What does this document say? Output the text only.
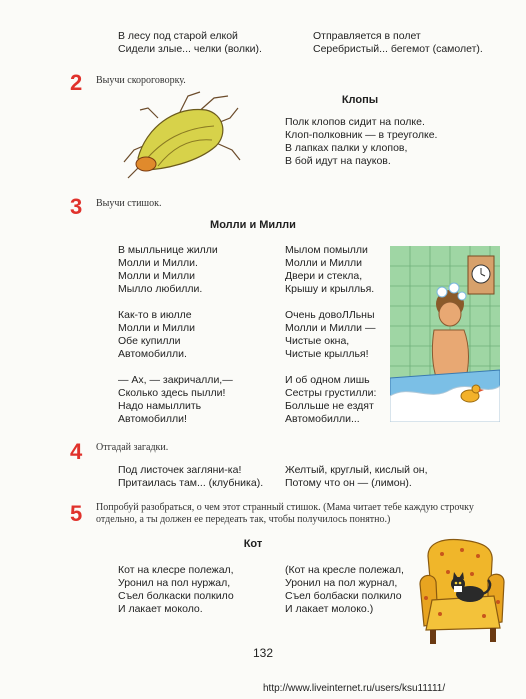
В лесу под старой елкой
Сидели злые... челки (волки).
Отправляется в полет
Серебристый... бегемот (самолет).
2 Выучи скороговорку.
Клопы
Полк клопов сидит на полке.
Клоп-полковник — в треуголке.
В лапках палки у клопов,
В бой идут на пауков.
3 Выучи стишок.
Молли и Милли
В мылльнице жилли
Молли и Милли.
Молли и Милли
Мылло любилли.
Как-то в июлле
Молли и Милли
Обе купилли
Автомобилли.
— Ах, — закричалли,—
Сколько здесь пылли!
Надо намыллить
Автомобилли!
Мылом помылли
Молли и Милли
Двери и стекла,
Крышу и крыллья.
Очень довоЛЛьны
Молли и Милли —
Чистые окна,
Чистые крыллья!
И об одном лишь
Сестры грустилли:
Болльше не ездят
Автомобилли...
4 Отгадай загадки.
Под листочек загляни-ка!
Притаилась там... (клубника).
Желтый, круглый, кислый он,
Потому что он — (лимон).
5 Попробуй разобраться, о чем этот странный стишок. (Мама читает тебе каждую строчку
отдельно, а ты должен ее передеать так, чтобы получилось понятно.)
Кот
Кот на клесре полежал,
Уронил на пол нуржал,
Съел болкаски полкило
И лакает моколо.
(Кот на кресле полежал,
Уронил на пол журнал,
Съел болбаски полкило
И лакает молоко.)
132
http://www.liveinternet.ru/users/ksu11111/
